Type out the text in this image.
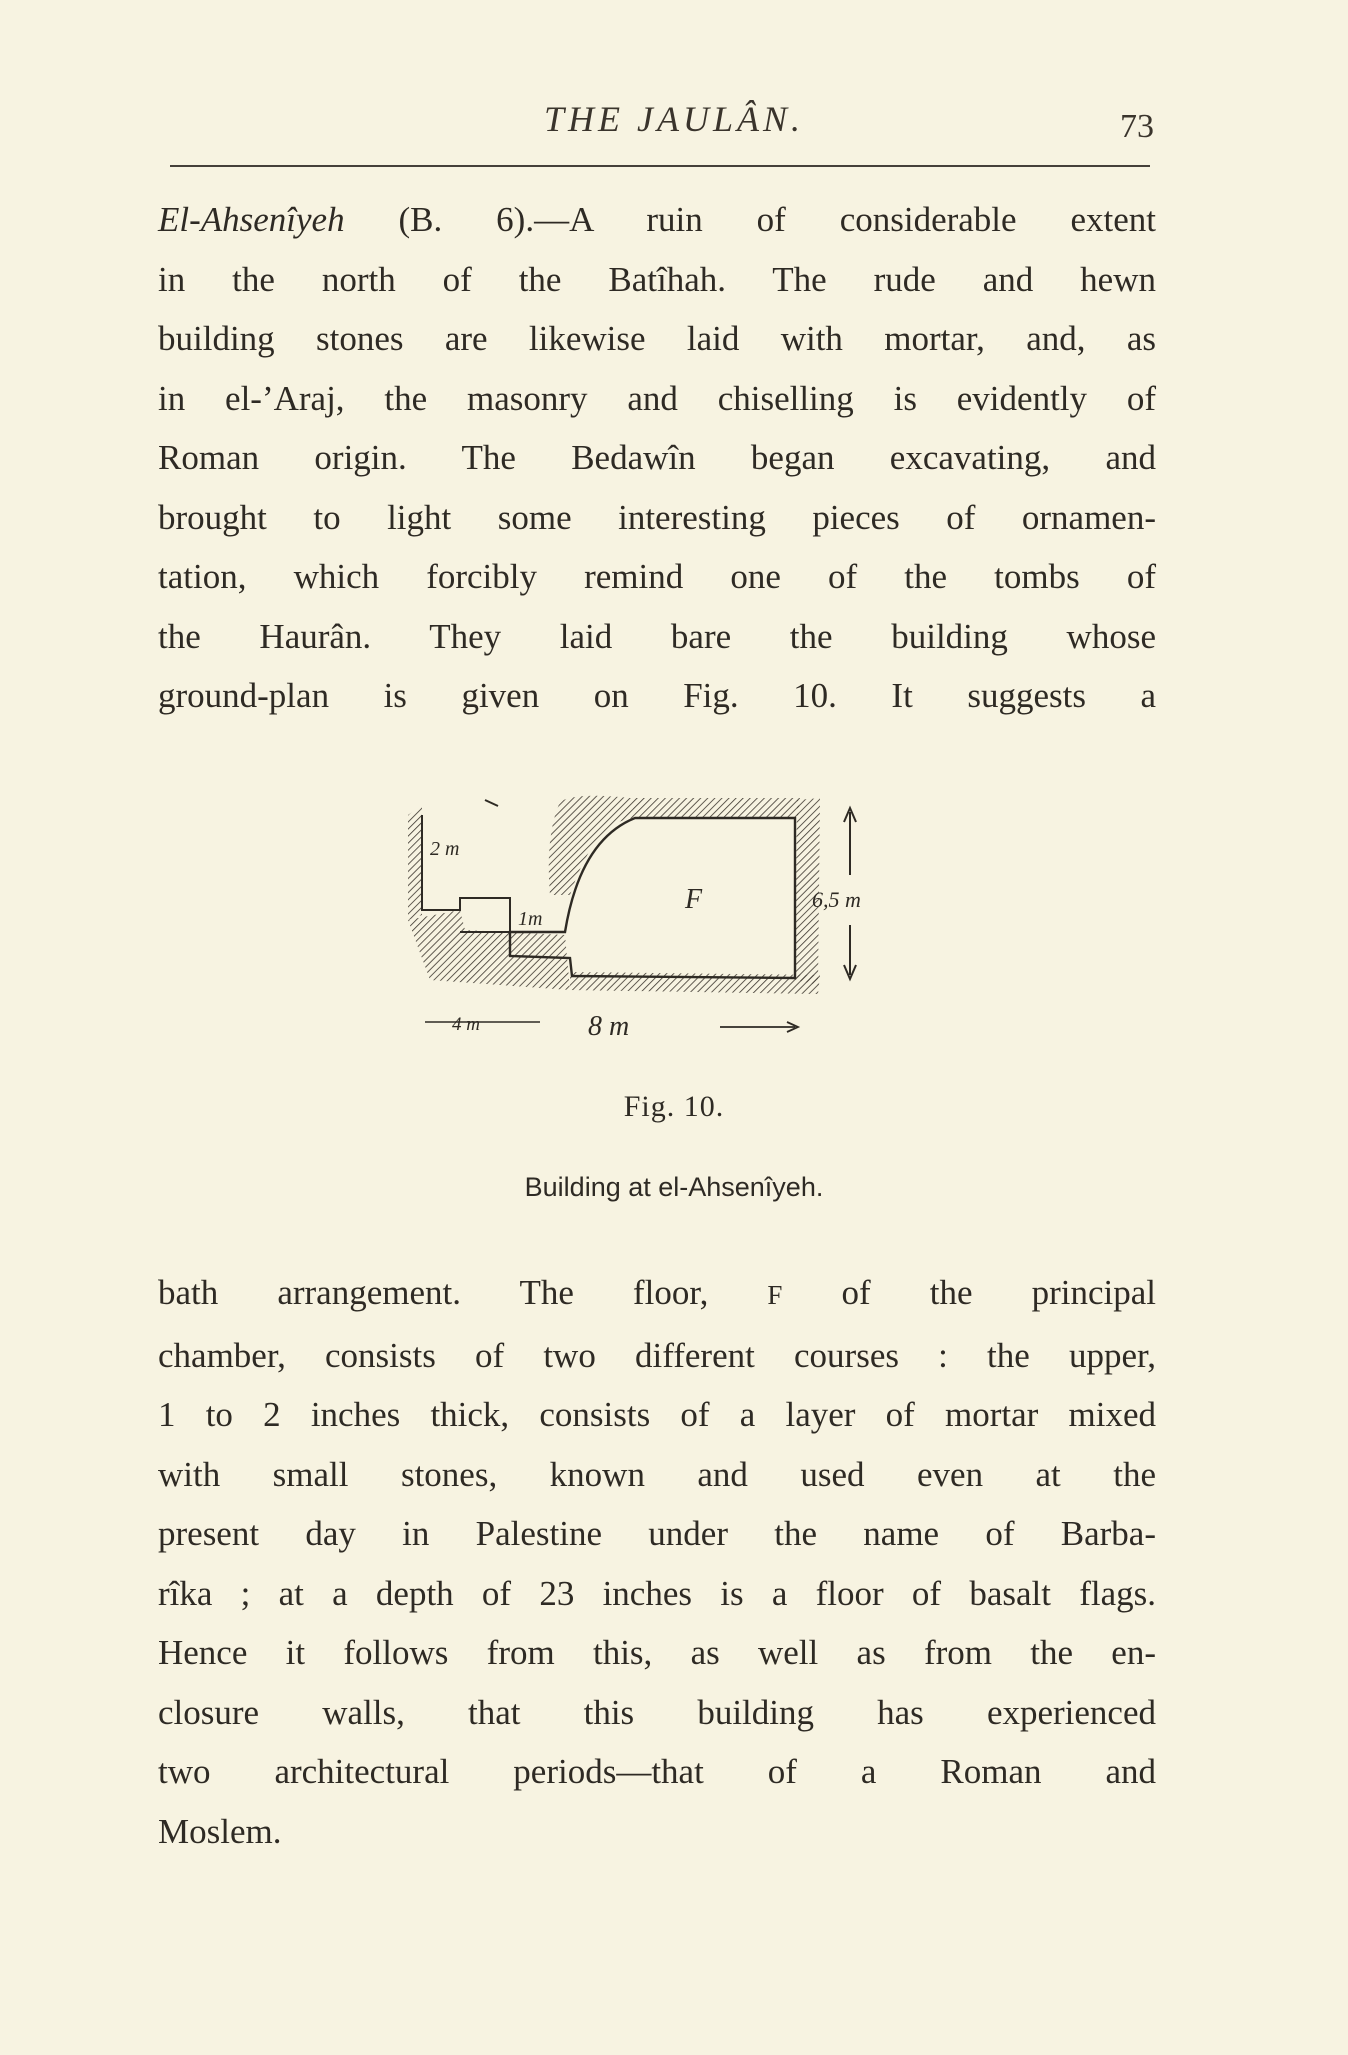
THE JAULÂN.	73
El-Ahsenîyeh (B. 6).—A ruin of considerable extent
in the north of the Batîhah. The rude and hewn
building stones are likewise laid with mortar, and, as
in el-’Araj, the masonry and chiselling is evidently of
Roman origin. The Bedawîn began excavating, and
brought to light some interesting pieces of ornamen-
tation, which forcibly remind one of the tombs of
the Haurân. They laid bare the building whose
ground-plan is given on Fig. 10. It suggests a
2 m
1m
F	6,5 m
4 m	8 m
Fig. 10.
Building at el-Ahsenîyeh.
bath arrangement. The floor, F of the principal
chamber, consists of two different courses : the upper,
1 to 2 inches thick, consists of a layer of mortar mixed
with small stones, known and used even at the
present day in Palestine under the name of Barba-
rîka ; at a depth of 23 inches is a floor of basalt flags.
Hence it follows from this, as well as from the en-
closure walls, that this building has experienced
two architectural periods—that of a Roman and
Moslem.
